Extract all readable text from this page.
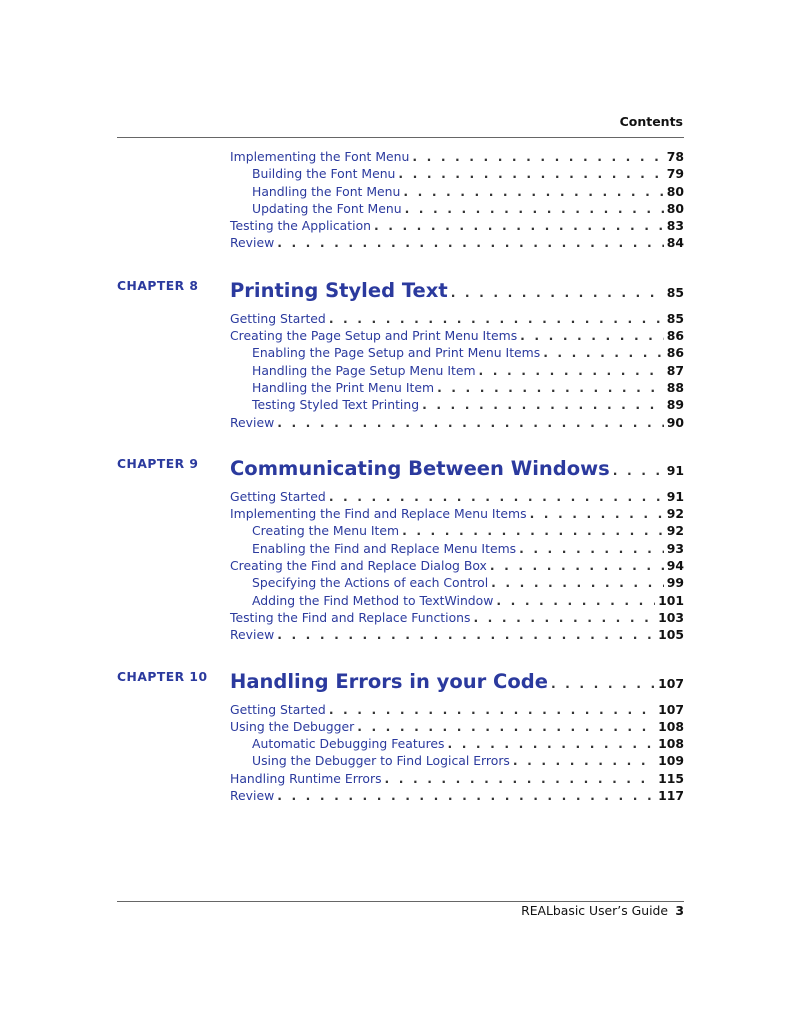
Contents
Implementing the Font Menu . . .	78
Building the Font Menu . . .	79
Handling the Font Menu . . .	80
Updating the Font Menu . . .	80
Testing the Application . . .	83
Review . . .	84
CHAPTER 8	Printing Styled Text . . .	85
Getting Started . . .	85
Creating the Page Setup and Print Menu Items . . .	86
Enabling the Page Setup and Print Menu Items . . .	86
Handling the Page Setup Menu Item . . .	87
Handling the Print Menu Item . . .	88
Testing Styled Text Printing . . .	89
Review . . .	90
CHAPTER 9	Communicating Between Windows . . .	91
Getting Started . . .	91
Implementing the Find and Replace Menu Items . . .	92
Creating the Menu Item . . .	92
Enabling the Find and Replace Menu Items . . .	93
Creating the Find and Replace Dialog Box . . .	94
Specifying the Actions of each Control . . .	99
Adding the Find Method to TextWindow . . .	101
Testing the Find and Replace Functions . . .	103
Review . . .	105
CHAPTER 10	Handling Errors in your Code . . .	107
Getting Started . . .	107
Using the Debugger . . .	108
Automatic Debugging Features . . .	108
Using the Debugger to Find Logical Errors . . .	109
Handling Runtime Errors . . .	115
Review . . .	117
REALbasic User’s Guide 3
